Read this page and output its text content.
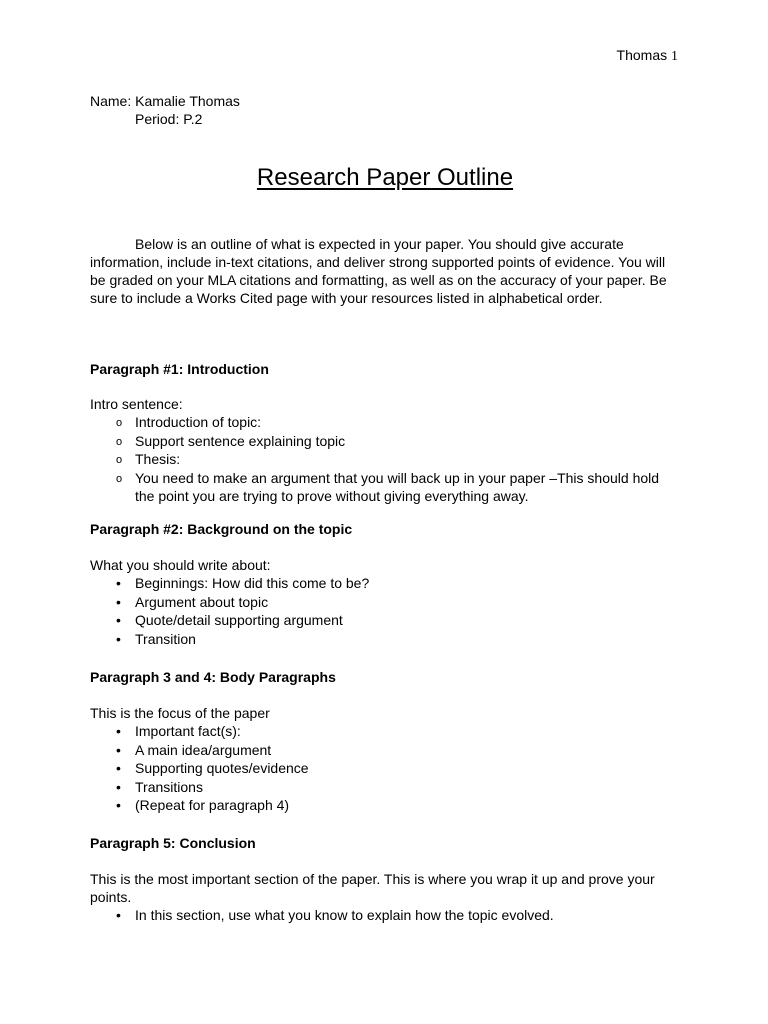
Thomas 1

Name: Kamalie Thomas

Period: P.2

Research Paper Outline

Below is an outline of what is expected in your paper. You should give accurate information, include in-text citations, and deliver strong supported points of evidence. You will be graded on your MLA citations and formatting, as well as on the accuracy of your paper. Be sure to include a Works Cited page with your resources listed in alphabetical order.

Paragraph #1: Introduction

Intro sentence:

o Introduction of topic:
o Support sentence explaining topic
o Thesis:
o You need to make an argument that you will back up in your paper –This should hold the point you are trying to prove without giving everything away.

Paragraph #2: Background on the topic

What you should write about:

•	Beginnings: How did this come to be?
•	Argument about topic
•	Quote/detail supporting argument
•	Transition

Paragraph 3 and 4: Body Paragraphs

This is the focus of the paper

•	Important fact(s):
•	A main idea/argument
•	Supporting quotes/evidence
•	Transitions
•	(Repeat for paragraph 4)

Paragraph 5: Conclusion

This is the most important section of the paper. This is where you wrap it up and prove your points.

•	In this section, use what you know to explain how the topic evolved.
